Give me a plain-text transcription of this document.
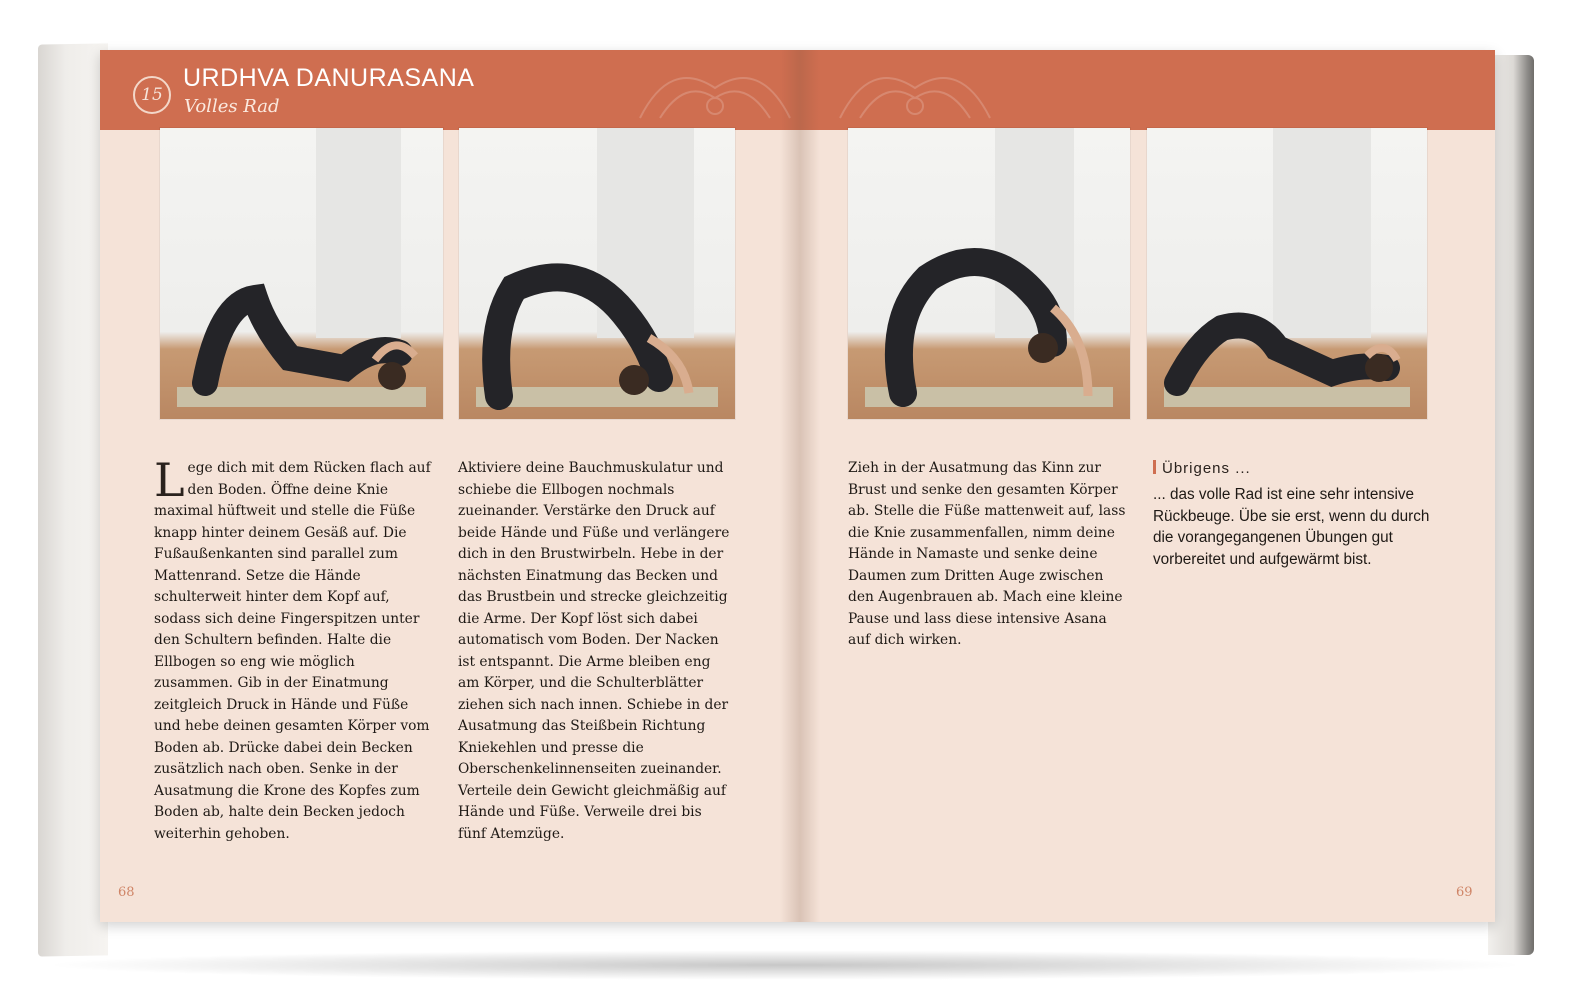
15
URDHVA DANURASANA
Volles Rad
Lege dich mit dem Rücken flach auf den Boden. Öffne deine Knie maximal hüftweit und stelle die Füße knapp hinter deinem Gesäß auf. Die Fußaußenkanten sind parallel zum Mattenrand. Setze die Hände schulterweit hinter dem Kopf auf, sodass sich deine Fingerspitzen unter den Schultern befinden. Halte die Ellbogen so eng wie möglich zusammen. Gib in der Einatmung zeitgleich Druck in Hände und Füße und hebe deinen gesamten Körper vom Boden ab. Drücke dabei dein Becken zusätzlich nach oben. Senke in der Ausatmung die Krone des Kopfes zum Boden ab, halte dein Becken jedoch weiterhin gehoben.
Aktiviere deine Bauchmuskulatur und schiebe die Ellbogen nochmals zueinander. Verstärke den Druck auf beide Hände und Füße und verlängere dich in den Brustwirbeln. Hebe in der nächsten Einatmung das Becken und das Brustbein und strecke gleichzeitig die Arme. Der Kopf löst sich dabei automatisch vom Boden. Der Nacken ist entspannt. Die Arme bleiben eng am Körper, und die Schulterblätter ziehen sich nach innen. Schiebe in der Ausatmung das Steißbein Richtung Kniekehlen und presse die Oberschenkelinnenseiten zueinander. Verteile dein Gewicht gleichmäßig auf Hände und Füße. Verweile drei bis fünf Atemzüge.
Zieh in der Ausatmung das Kinn zur Brust und senke den gesamten Körper ab. Stelle die Füße mattenweit auf, lass die Knie zusammenfallen, nimm deine Hände in Namaste und senke deine Daumen zum Dritten Auge zwischen den Augenbrauen ab. Mach eine kleine Pause und lass diese intensive Asana auf dich wirken.
Übrigens ...
... das volle Rad ist eine sehr intensive Rückbeuge. Übe sie erst, wenn du durch die vorangegangenen Übungen gut vorbereitet und aufgewärmt bist.
68	69
